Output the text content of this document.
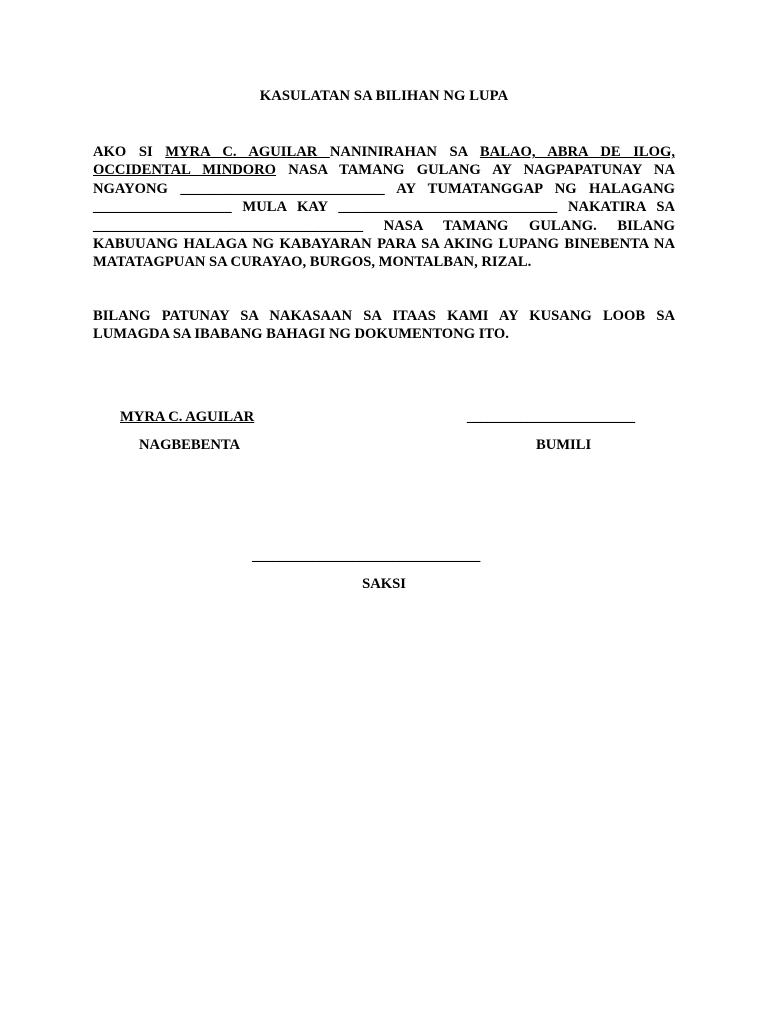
KASULATAN SA BILIHAN NG LUPA
AKO SI MYRA C. AGUILAR NANINIRAHAN SA BALAO, ABRA DE ILOG, OCCIDENTAL MINDORO NASA TAMANG GULANG AY NAGPAPATUNAY NA NGAYONG ____________________________ AY TUMATANGGAP NG HALAGANG ___________________ MULA KAY ______________________________ NAKATIRA SA _____________________________________ NASA TAMANG GULANG. BILANG KABUUANG HALAGA NG KABAYARAN PARA SA AKING LUPANG BINEBENTA NA MATATAGPUAN SA CURAYAO, BURGOS, MONTALBAN, RIZAL.
BILANG PATUNAY SA NAKASAAN SA ITAAS KAMI AY KUSANG LOOB SA LUMAGDA SA IBABANG BAHAGI NG DOKUMENTONG ITO.
MYRA C. AGUILAR
NAGBEBENTA
_________________________
BUMILI
__________________________________
SAKSI
